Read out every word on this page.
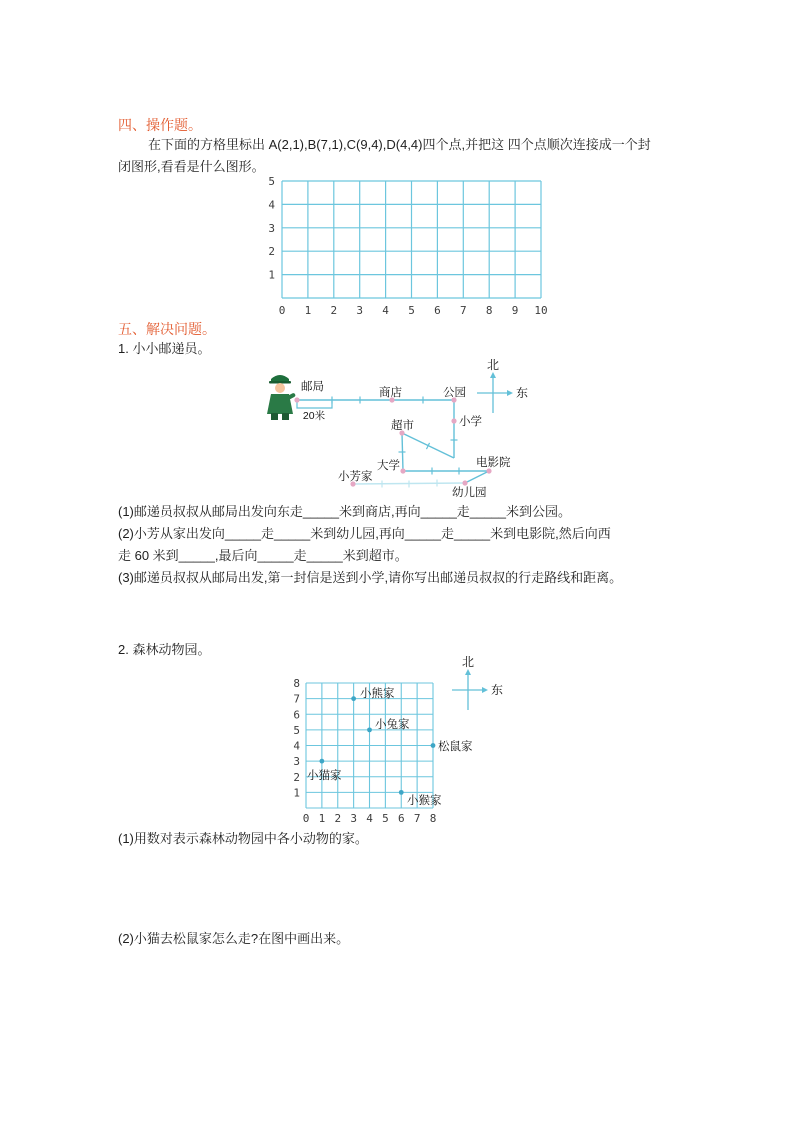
四、操作题。
在下面的方格里标出 A(2,1),B(7,1),C(9,4),D(4,4)四个点,并把这 四个点顺次连接成一个封
闭图形,看看是什么图形。
0 1 2 3 4 5 6 7 8 9 10
5
4
3
2
1
五、解决问题。
1. 小小邮递员。
20米
邮局	商店	公园
小学
超市
大学	电影院
幼儿园
小芳家
北
东
(1)邮递员叔叔从邮局出发向东走_____米到商店,再向_____走_____米到公园。
(2)小芳从家出发向_____走_____米到幼儿园,再向_____走_____米到电影院,然后向西
走 60 米到_____,最后向_____走_____米到超市。
(3)邮递员叔叔从邮局出发,第一封信是送到小学,请你写出邮递员叔叔的行走路线和距离。
2. 森林动物园。
0 1 2 3 4 5 6 7 8
8
7
6
5
4
3
2
1
小熊家
小兔家
松鼠家
小猫家
小猴家
北
东
(1)用数对表示森林动物园中各小动物的家。
(2)小猫去松鼠家怎么走?在图中画出来。
